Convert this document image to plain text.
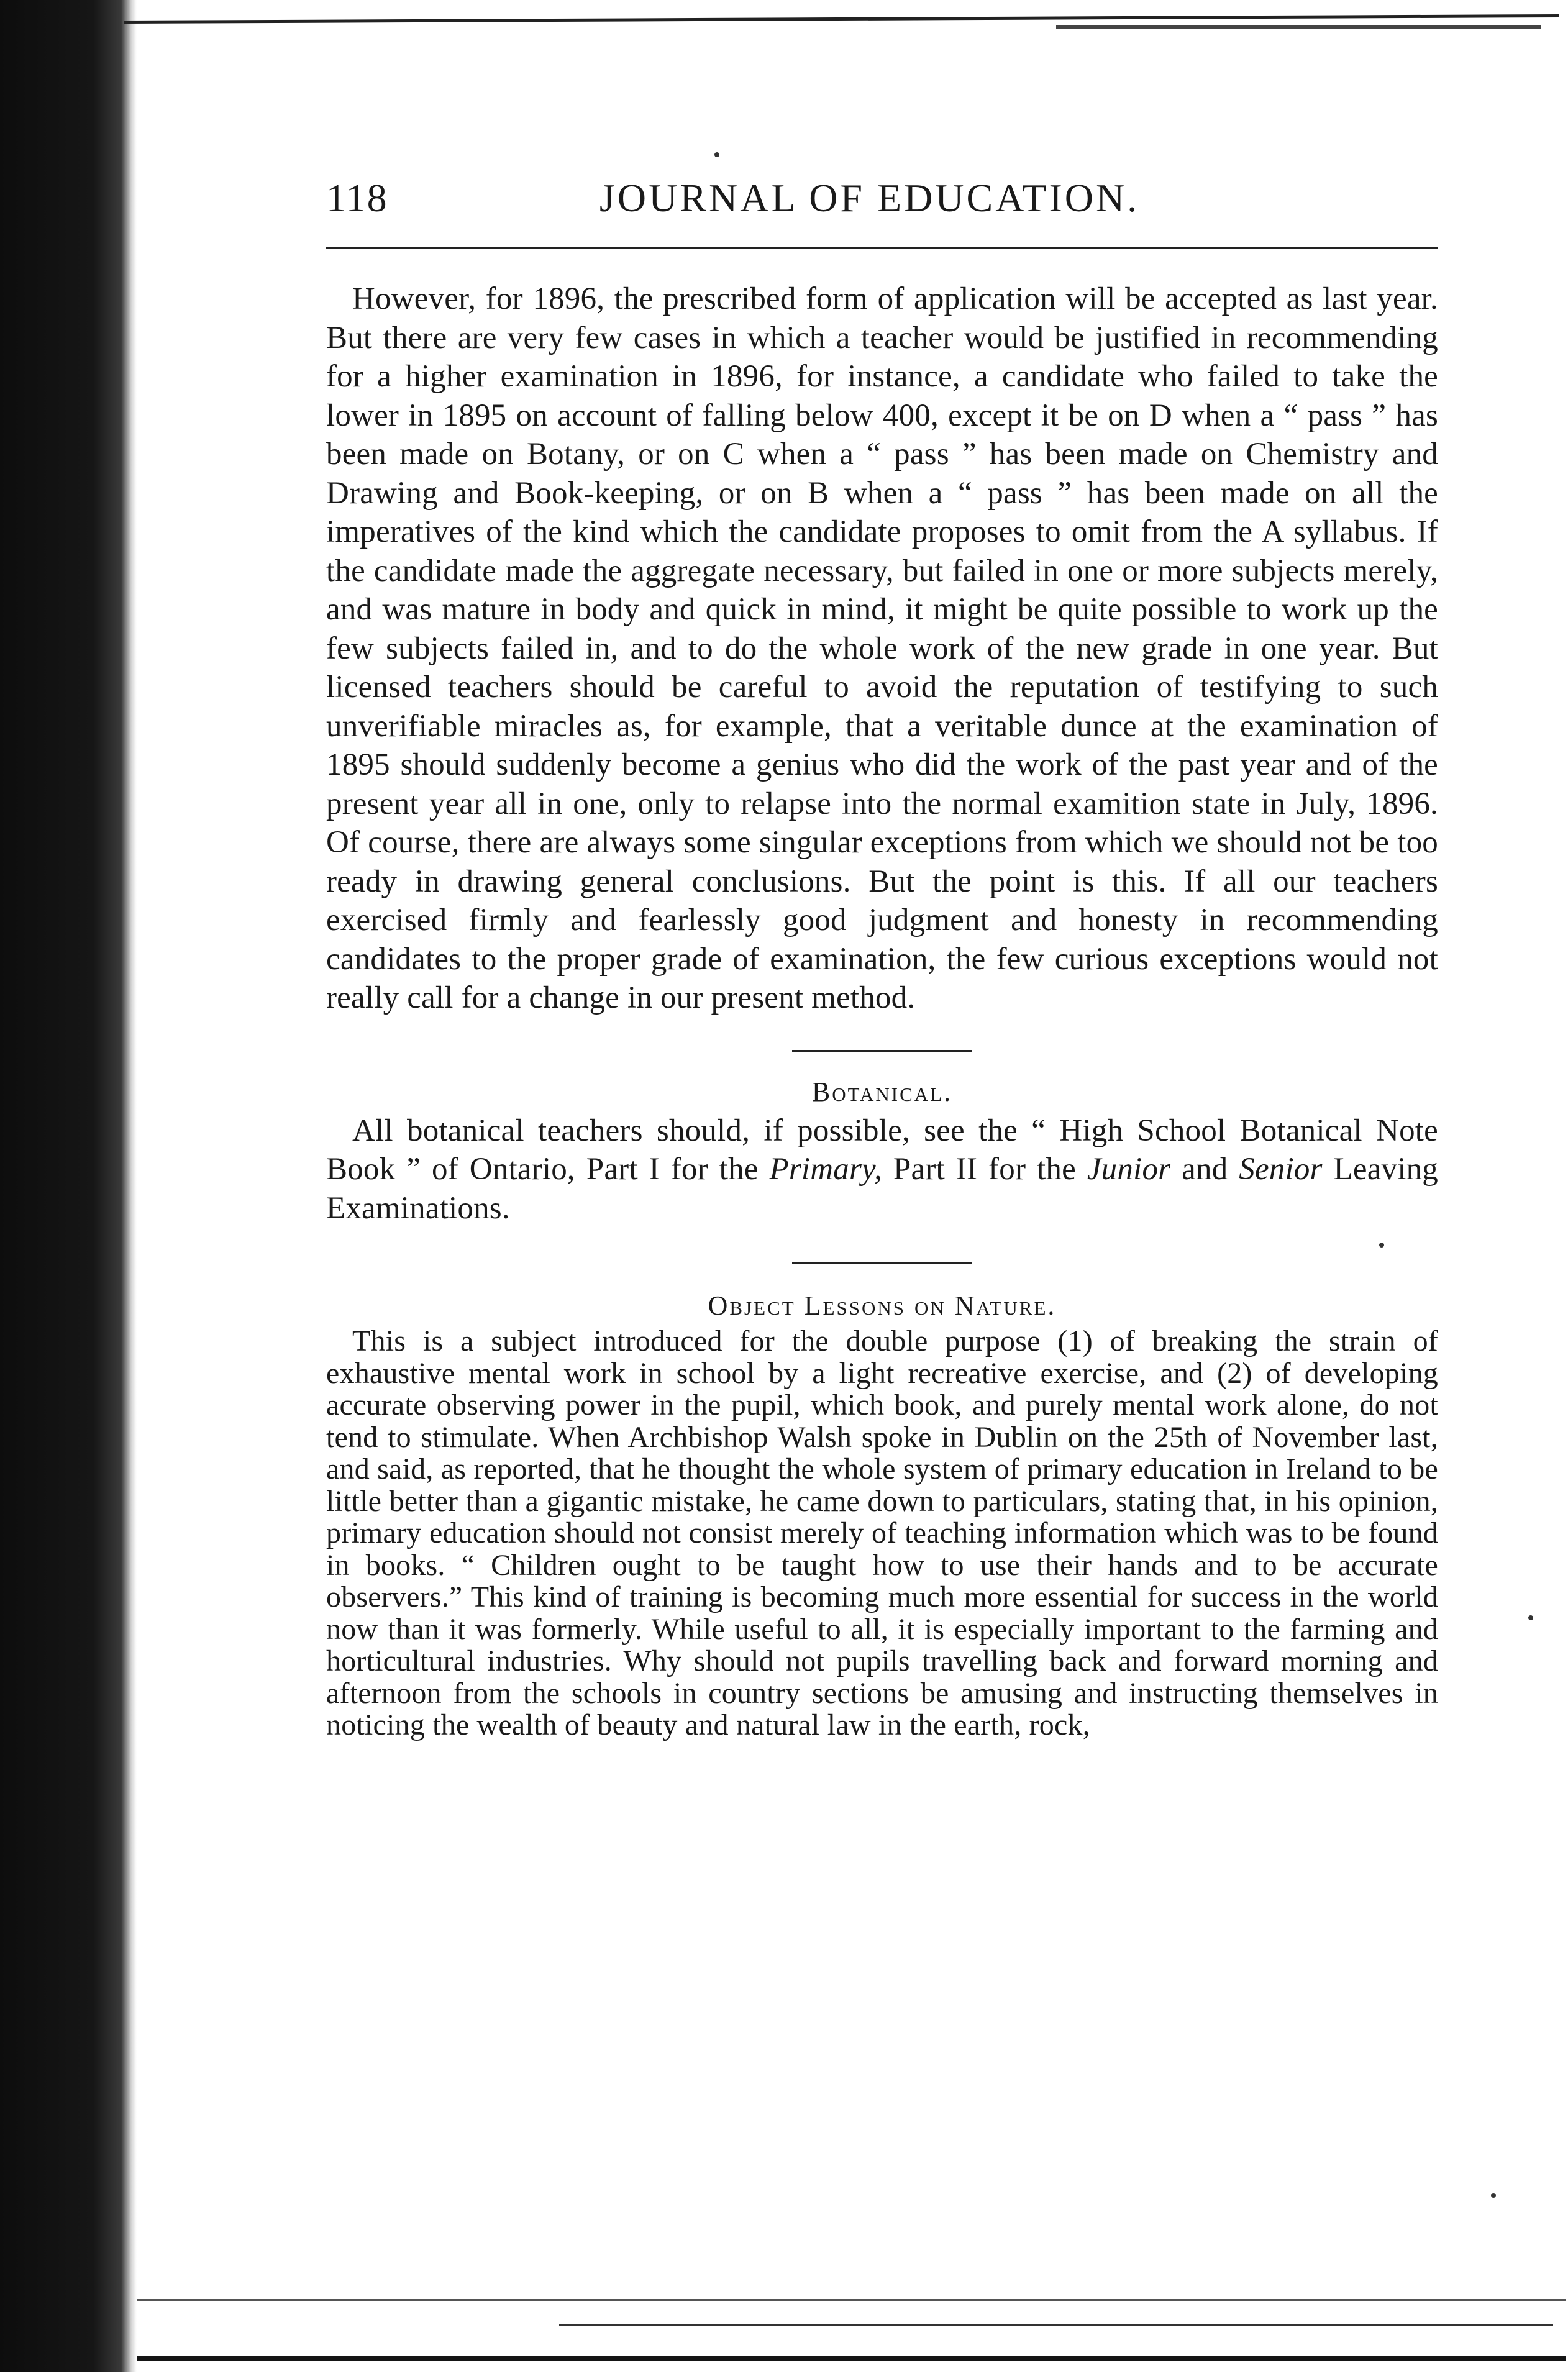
118	JOURNAL OF EDUCATION.

However, for 1896, the prescribed form of application will be accepted as last year. But there are very few cases in which a teacher would be justified in recommending for a higher examination in 1896, for instance, a candidate who failed to take the lower in 1895 on account of falling below 400, except it be on D when a “ pass ” has been made on Botany, or on C when a “ pass ” has been made on Chemistry and Drawing and Book-keeping, or on B when a “ pass ” has been made on all the imperatives of the kind which the candidate proposes to omit from the A syllabus. If the candidate made the aggregate necessary, but failed in one or more subjects merely, and was mature in body and quick in mind, it might be quite possible to work up the few subjects failed in, and to do the whole work of the new grade in one year. But licensed teachers should be careful to avoid the reputation of testifying to such unverifiable miracles as, for example, that a veritable dunce at the examination of 1895 should suddenly become a genius who did the work of the past year and of the present year all in one, only to relapse into the normal examition state in July, 1896. Of course, there are always some singular exceptions from which we should not be too ready in drawing general conclusions. But the point is this. If all our teachers exercised firmly and fearlessly good judgment and honesty in recommending candidates to the proper grade of examination, the few curious exceptions would not really call for a change in our present method.

Botanical.

All botanical teachers should, if possible, see the “ High School Botanical Note Book ” of Ontario, Part I for the Primary, Part II for the Junior and Senior Leaving Examinations.

Object Lessons on Nature.

This is a subject introduced for the double purpose (1) of breaking the strain of exhaustive mental work in school by a light recreative exercise, and (2) of developing accurate observing power in the pupil, which book, and purely mental work alone, do not tend to stimulate. When Archbishop Walsh spoke in Dublin on the 25th of November last, and said, as reported, that he thought the whole system of primary education in Ireland to be little better than a gigantic mistake, he came down to particulars, stating that, in his opinion, primary education should not consist merely of teaching information which was to be found in books. “ Children ought to be taught how to use their hands and to be accurate observers.” This kind of training is becoming much more essential for success in the world now than it was formerly. While useful to all, it is especially important to the farming and horticultural industries. Why should not pupils travelling back and forward morning and afternoon from the schools in country sections be amusing and instructing themselves in noticing the wealth of beauty and natural law in the earth, rock,
